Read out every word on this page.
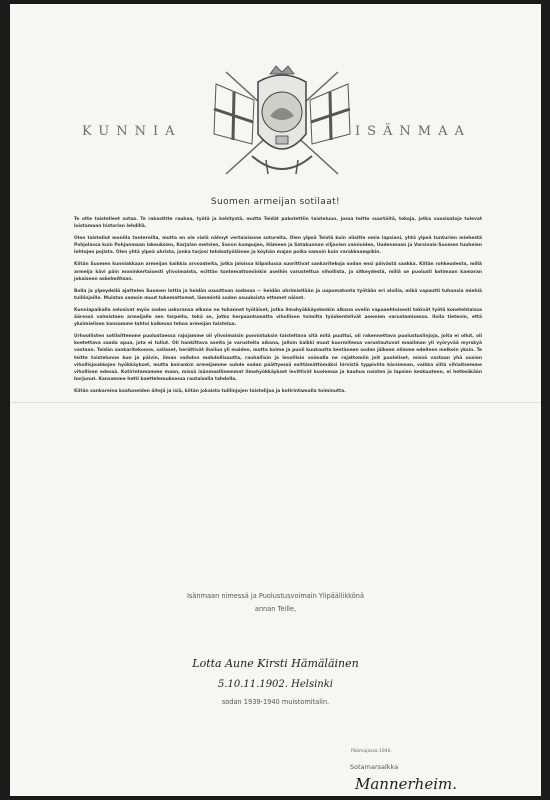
KUNNIA	ISÄNMAA
Suomen armeijan sotilaat!

Te otte taistelleet sotaa. Te rakastitte rauhaa, työtä ja kehitystä, mutta Teidät pakotettiin taisteluun, jossa teitte suurtöitä, tekoja, jotka vuosisatoja tulevat loistamaan historian lehdillä.

Olen taistellut monilla tantereilla, mutta en ole vielä nähnyt vertaisianne sotureita. Olen ylpeä Teistä kuin olisitte omia lapsiani, yhtä ylpeä tunturien miehestä Pohjolassa kuin Pohjanmaan lakeuksien, Karjalan metsien, Savon kumpujen, Hämeen ja Satakunnan viljavien vainioiden, Uudenmaan ja Varsinais-Suomen tuuheien lehtojen pojista. Olen yhtä ylpeä uhrista, jonka tarjosi tehdastyöläinen ja köyhän majan poika samoin kuin varakkaampikin.

Kiitän Suomen kunniakkaan armeijan kaikkia arvoasteita, jotka jaloissa kilpailussa suorittivat sankaritekoja sodan ensi päivästä saakka. Kiitän rohkeudesta, millä armeija kävi päin moninkertaisesti ylivoimaista, ecittän tuntemattomiinkin aseihin varustettua vihollista, ja sitkeydestä, millä se puolusti kotimaan kamaran jokaiseen askelmittaan.

Bolla ja ylpeydellä ajattelen Suomen lottia ja heidän osuuttaan sodassa — heidän uhrimieltään ja uupumatonta työtään eri aloilla, mikä vapautti tuhansia miehiä tulilinjoille. Muistan samoin muut tukemattomat, lämmintä sodan osuuksista ettamet näiset.

Kunniapaikalla selosivat myös sodan uskoransa alkana ne tuhannet työläiset, jotka ilmahyökkäystenkin alkana ovelin vapaaehtoisesti tekivät työtä konetehtaissa ääressä valmistaen armeijalle sen tarpeita, tekä se, jotka herpaantumatta vihollisen toimilta työskentelivät asemien varustamisessa. Iloila tietenin, että yksimielisen kansamme tahtoi kaikessa tehoa armeijan taistelua.

Urhoollisten sotilaittemme puolustaessa rajojamme oli ylivoimaisin ponnistuksin taisteltava sitä mitä puuttui, oli rakennettava puolustuslinjoja, joita ei ollut, oli koetettava saada apua, jota ei tullut. Oli hankittava aseita ja varusteita aikana, jolloin kaikki muut kuormitessa varustautuvat maailman yli vyöryvää myrskyä vastaan. Teidän sankaritekonne, saliaset, herättivät ihailua yli maiden, mutta kolme ja puoli kuukautta kestäneen sodan jälkeen olimme edelleen melkein yksin. Te teitte taistelunne kun ja päivin, ilman vaihdon mahdollisuutta, rauhallisin ja levollisin voimalla ne rajattomiin joit puoleliset, missä vastaan yhä uusien vihollisjoukkojen hyökkäykset, mutta koirankin armeijamme suhde sodan päättyessä esittämättömäksi hirvistä typpiviita kärsimean, vaikka siitä vihiaitsemme vihollisen edessä. Kotirintamamme maan, missä isänmaallisemmat ilmahyökkäykset levittivät kuolemaa ja kauhua naisten ja lapsien keskuuteen, ei hetkeäkään horjunut. Kansamme hetti koettelemuksessa rautaisella tahdolla.

Kiitän sankareina kaatuneiden äitejä ja isiä, kiitän jokaista tulilinjojen taistelijaa ja kotirintamalla toiminutta.

Isänmaan nimessä ja Puolustusvoimain Ylipäällikkönä
annan Teille,
Lotta Aune Kirsti Hämäläinen
5.10.11.1902. Helsinki
sodan 1939-1940 muistomitalin.
Päämajassa 1940.
Sotamarsalkka
Mannerheim.
